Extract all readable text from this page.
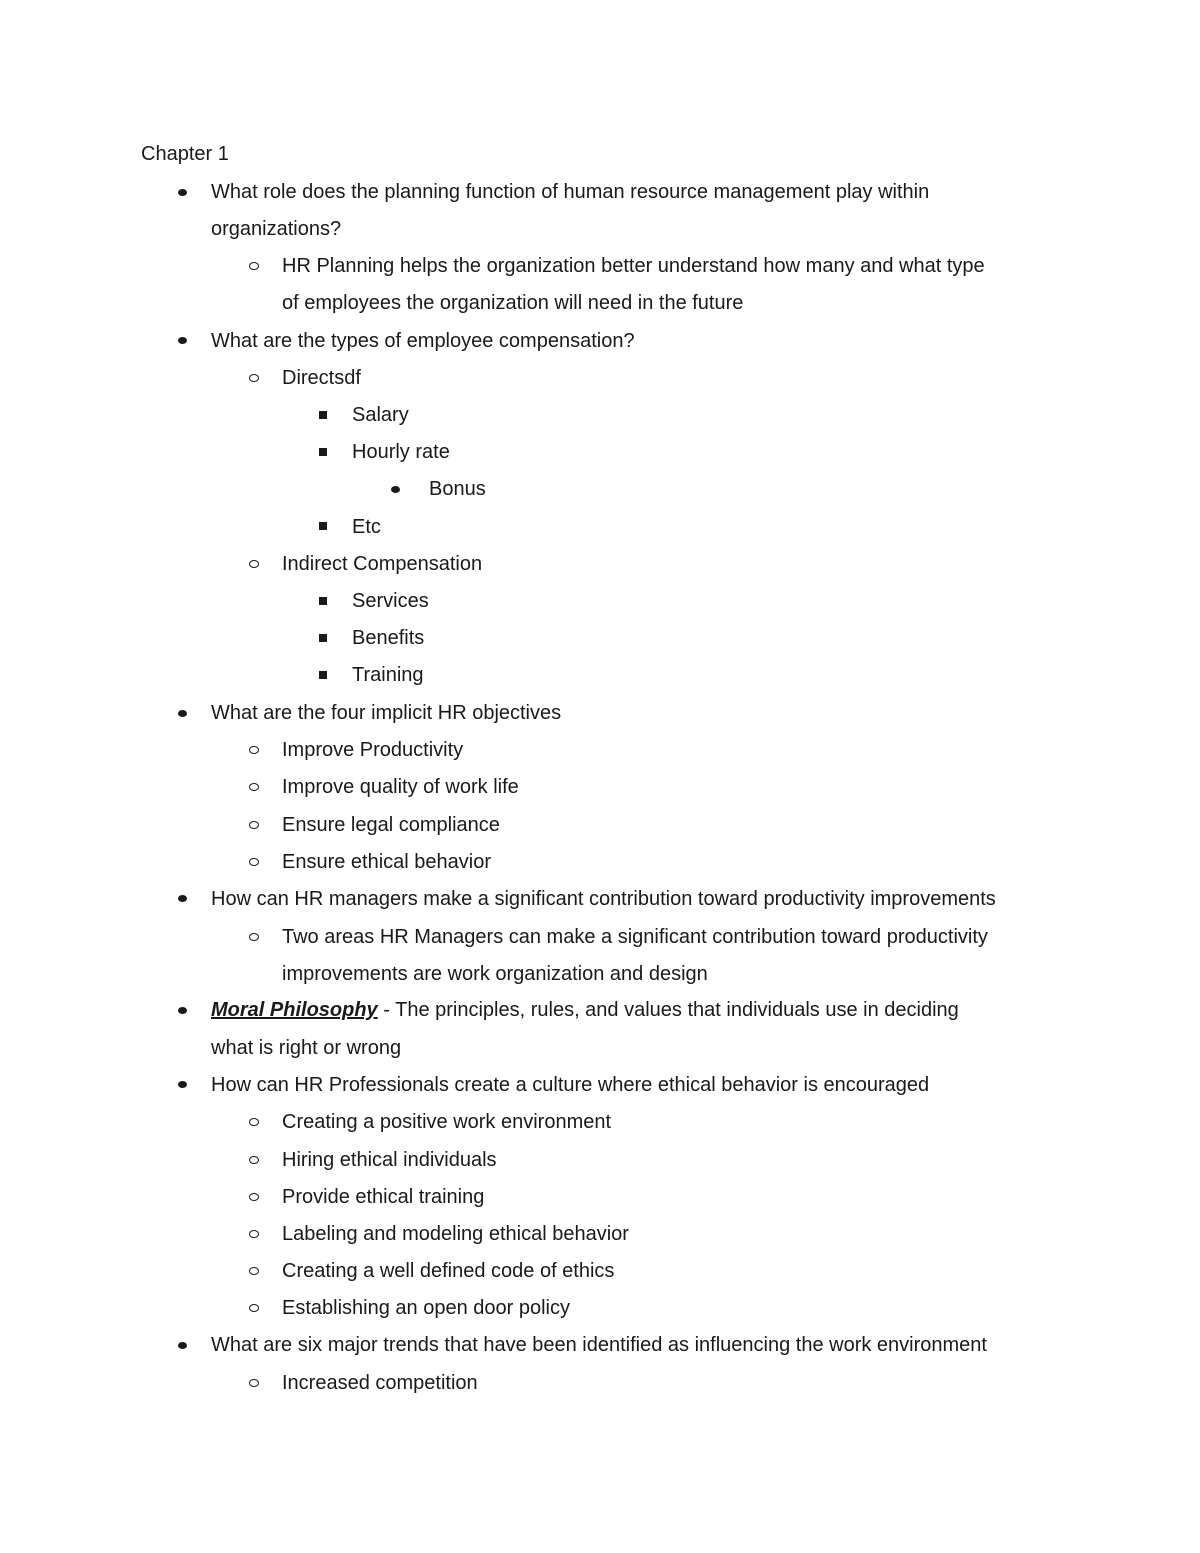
Chapter 1
What role does the planning function of human resource management play within
organizations?
HR Planning helps the organization better understand how many and what type
of employees the organization will need in the future
What are the types of employee compensation?
Directsdf
Salary
Hourly rate
Bonus
Etc
Indirect Compensation
Services
Benefits
Training
What are the four implicit HR objectives
Improve Productivity
Improve quality of work life
Ensure legal compliance
Ensure ethical behavior
How can HR managers make a significant contribution toward productivity improvements
Two areas HR Managers can make a significant contribution toward productivity
improvements are work organization and design
Moral Philosophy - The principles, rules, and values that individuals use in deciding
what is right or wrong
How can HR Professionals create a culture where ethical behavior is encouraged
Creating a positive work environment
Hiring ethical individuals
Provide ethical training
Labeling and modeling ethical behavior
Creating a well defined code of ethics
Establishing an open door policy
What are six major trends that have been identified as influencing the work environment
Increased competition
